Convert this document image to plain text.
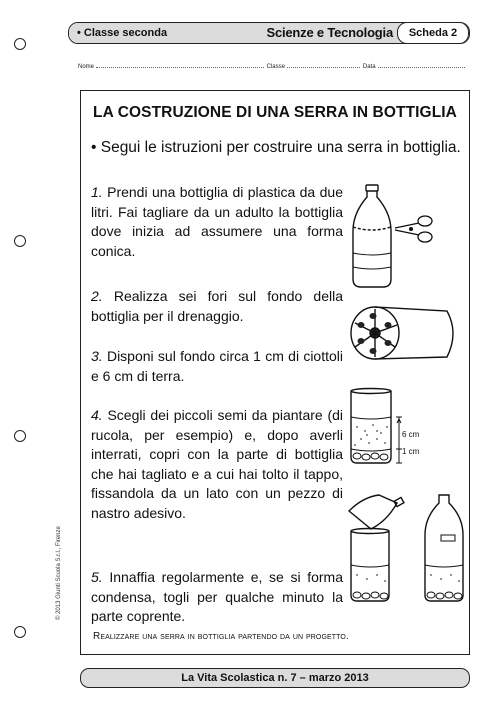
• Classe seconda	Scienze e Tecnologia	Scheda 2
Nome	Classe	Data
© 2013 Giunti Scuola S.r.l., Firenze
LA COSTRUZIONE DI UNA SERRA IN BOTTIGLIA
• Segui le istruzioni per costruire una serra in bottiglia.
1. Prendi una bottiglia di plastica da due litri. Fai tagliare da un adulto la bottiglia dove inizia ad assumere una forma conica.
2. Realizza sei fori sul fondo della bottiglia per il drenaggio.
3. Disponi sul fondo circa 1 cm di ciottoli e 6 cm di terra.
4. Scegli dei piccoli semi da piantare (di rucola, per esempio) e, dopo averli interrati, copri con la parte di bottiglia che hai tagliato e a cui hai tolto il tappo, fissandola da un lato con un pezzo di nastro adesivo.
5. Innaffia regolarmente e, se si forma condensa, togli per qualche minuto la parte coprente.
Realizzare una serra in bottiglia partendo da un progetto.
6 cm
1 cm
La Vita Scolastica n. 7 – marzo 2013
